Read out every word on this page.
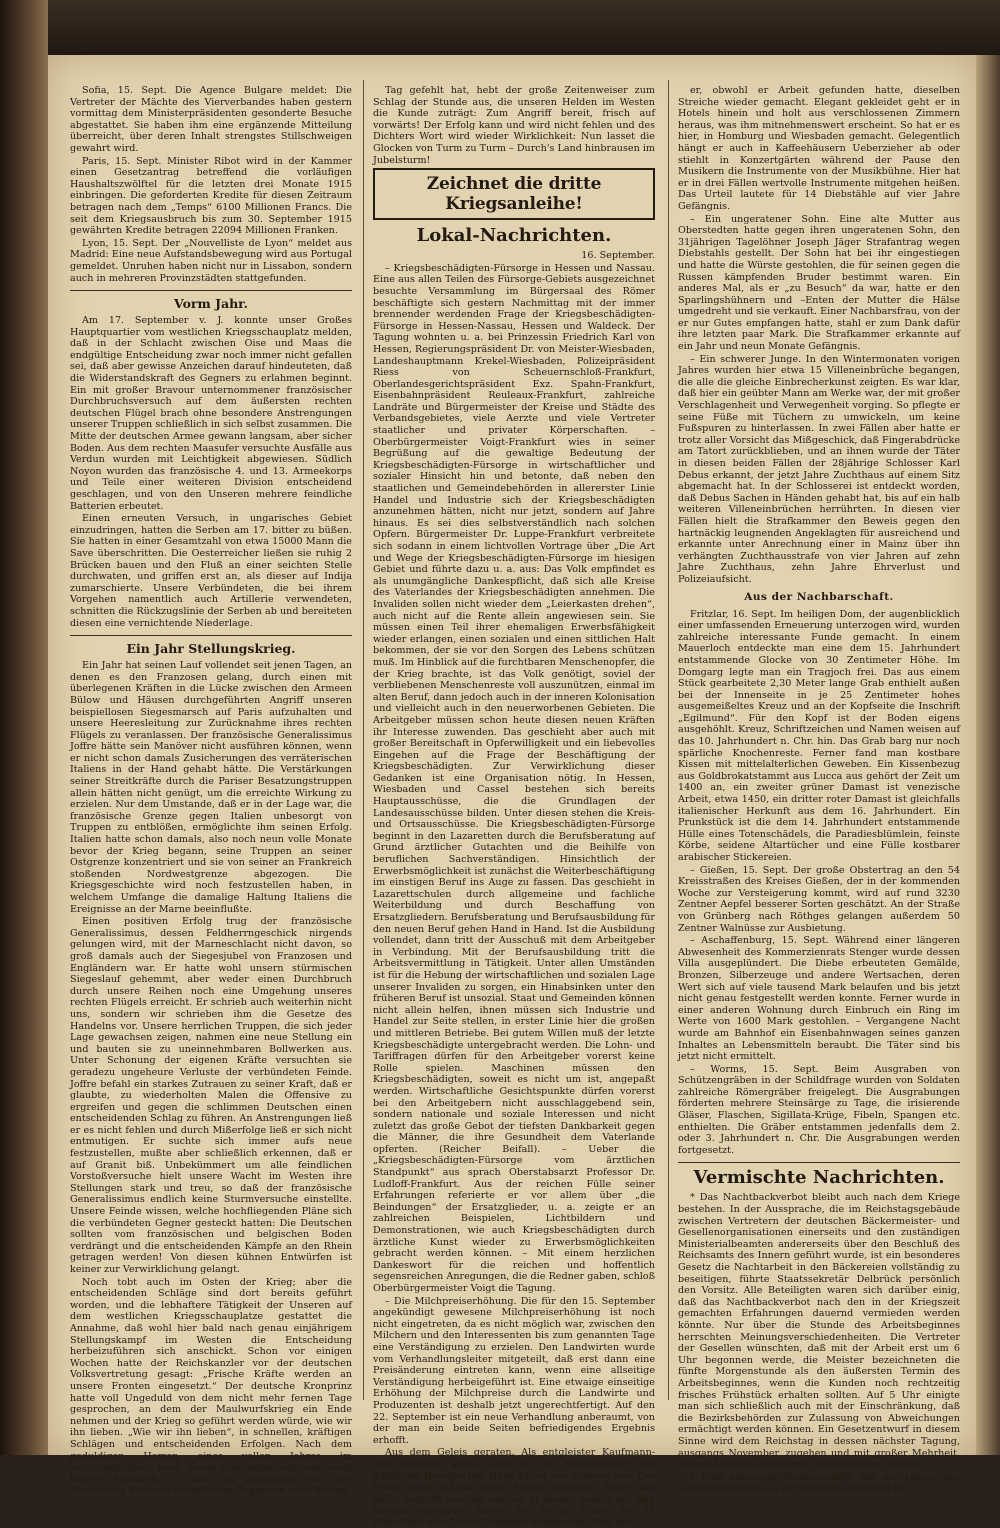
Sofia, 15. Sept. Die Agence Bulgare meldet: Die Vertreter der Mächte des Vierverbandes haben gestern vormittag dem Ministerpräsidenten gesonderte Besuche abgestattet. Sie haben ihm eine ergänzende Mitteilung überreicht, über deren Inhalt strengstes Stillschweigen gewahrt wird.

Paris, 15. Sept. Minister Ribot wird in der Kammer einen Gesetzantrag betreffend die vorläufigen Haushaltszwölftel für die letzten drei Monate 1915 einbringen. Die geforderten Kredite für diesen Zeitraum betragen nach dem „Temps“ 6100 Millionen Francs. Die seit dem Kriegsausbruch bis zum 30. September 1915 gewährten Kredite betragen 22094 Millionen Franken.

Lyon, 15. Sept. Der „Nouvelliste de Lyon“ meldet aus Madrid: Eine neue Aufstandsbewegung wird aus Portugal gemeldet. Unruhen haben nicht nur in Lissabon, sondern auch in mehreren Provinzstädten stattgefunden.

Vorm Jahr.

Am 17. September v. J. konnte unser Großes Hauptquartier vom westlichen Kriegsschauplatz melden, daß in der Schlacht zwischen Oise und Maas die endgültige Entscheidung zwar noch immer nicht gefallen sei, daß aber gewisse Anzeichen darauf hindeuteten, daß die Widerstandskraft des Gegners zu erlahmen beginnt. Ein mit großer Bravour unternommener französischer Durchbruchsversuch auf dem äußersten rechten deutschen Flügel brach ohne besondere Anstrengungen unserer Truppen schließlich in sich selbst zusammen. Die Mitte der deutschen Armee gewann langsam, aber sicher Boden. Aus dem rechten Maasufer versuchte Ausfälle aus Verdun wurden mit Leichtigkeit abgewiesen. Südlich Noyon wurden das französische 4. und 13. Armeekorps und Teile einer weiteren Division entscheidend geschlagen, und von den Unseren mehrere feindliche Batterien erbeutet.

Einen erneuten Versuch, in ungarisches Gebiet einzudringen, hatten die Serben am 17. bitter zu büßen. Sie hatten in einer Gesamtzahl von etwa 15000 Mann die Save überschritten. Die Oesterreicher ließen sie ruhig 2 Brücken bauen und den Fluß an einer seichten Stelle durchwaten, und griffen erst an, als dieser auf Indija zumarschierte. Unsere Verbündeten, die bei ihrem Vorgehen namentlich auch Artillerie verwendeten, schnitten die Rückzugslinie der Serben ab und bereiteten diesen eine vernichtende Niederlage.

Ein Jahr Stellungskrieg.

Ein Jahr hat seinen Lauf vollendet seit jenen Tagen, an denen es den Franzosen gelang, durch einen mit überlegenen Kräften in die Lücke zwischen den Armeen Bülow und Häusen durchgeführten Angriff unseren beispiellosen Siegesmarsch auf Paris aufzuhalten und unsere Heeresleitung zur Zurücknahme ihres rechten Flügels zu veranlassen. Der französische Generalissimus Joffre hätte sein Manöver nicht ausführen können, wenn er nicht schon damals Zusicherungen des verräterischen Italiens in der Hand gehabt hätte. Die Verstärkungen seiner Streitkräfte durch die Pariser Besatzungstruppen allein hätten nicht genügt, um die erreichte Wirkung zu erzielen. Nur dem Umstande, daß er in der Lage war, die französische Grenze gegen Italien unbesorgt von Truppen zu entblößen, ermöglichte ihm seinen Erfolg. Italien hatte schon damals, also noch neun volle Monate bevor der Krieg begann, seine Truppen an seiner Ostgrenze konzentriert und sie von seiner an Frankreich stoßenden Nordwestgrenze abgezogen. Die Kriegsgeschichte wird noch festzustellen haben, in welchem Umfange die damalige Haltung Italiens die Ereignisse an der Marne beeinflußte.

Einen positiven Erfolg trug der französische Generalissimus, dessen Feldherrngeschick nirgends gelungen wird, mit der Marneschlacht nicht davon, so groß damals auch der Siegesjubel von Franzosen und Engländern war. Er hatte wohl unsern stürmischen Siegeslauf gehemmt, aber weder einen Durchbruch durch unsere Reihen noch eine Umgehung unseres rechten Flügels erreicht. Er schrieb auch weiterhin nicht uns, sondern wir schrieben ihm die Gesetze des Handelns vor. Unsere herrlichen Truppen, die sich jeder Lage gewachsen zeigen, nahmen eine neue Stellung ein und bauten sie zu uneinnehmbaren Bollwerken aus. Unter Schonung der eigenen Kräfte versuchten sie geradezu ungeheure Verluste der verbündeten Feinde. Joffre befahl ein starkes Zutrauen zu seiner Kraft, daß er glaubte, zu wiederholten Malen die Offensive zu ergreifen und gegen die schlimmen Deutschen einen entscheidenden Schlag zu führen. An Anstrengungen ließ er es nicht fehlen und durch Mißerfolge ließ er sich nicht entmutigen. Er suchte sich immer aufs neue festzustellen, mußte aber schließlich erkennen, daß er auf Granit biß. Unbekümmert um alle feindlichen Vorstoßversuche hielt unsere Wacht im Westen ihre Stellungen stark und treu, so daß der französische Generalissimus endlich keine Sturmversuche einstellte. Unsere Feinde wissen, welche hochfliegenden Pläne sich die verbündeten Gegner gesteckt hatten: Die Deutschen sollten vom französischen und belgischen Boden verdrängt und die entscheidenden Kämpfe an den Rhein getragen werden! Von diesen kühnen Entwürfen ist keiner zur Verwirklichung gelangt.

Noch tobt auch im Osten der Krieg; aber die entscheidenden Schläge sind dort bereits geführt worden, und die lebhaftere Tätigkeit der Unseren auf dem westlichen Kriegsschauplatze gestattet die Annahme, daß wohl hier bald nach genau einjährigem Stellungskampf im Westen die Entscheidung herbeizuführen sich anschickt. Schon vor einigen Wochen hatte der Reichskanzler vor der deutschen Volksvertretung gesagt: „Frische Kräfte werden an unsere Fronten eingesetzt.“ Der deutsche Kronprinz hatte voll Ungeduld von dem nicht mehr fernen Tage gesprochen, an dem der Maulwurfskrieg ein Ende nehmen und der Krieg so geführt werden würde, wie wir ihn lieben. „Wie wir ihn lieben“, in schnellen, kräftigen Schlägen und entscheidenden Erfolgen. Nach dem geduldigen Harren eines vollen Jahres im Schützengraben, nach einem Stellungskriege von zwölf langen Monaten, in dem an Strapazen und der Bewährung höchster soldatischer Tugenden auch keinen

Tag gefehlt hat, hebt der große Zeitenweiser zum Schlag der Stunde aus, die unseren Helden im Westen die Kunde zuträgt: Zum Angriff bereit, frisch auf vorwärts! Der Erfolg kann und wird nicht fehlen und des Dichters Wort wird wieder Wirklichkeit: Nun lasset die Glocken von Turm zu Turm – Durch's Land hinbrausen im Jubelsturm!

Zeichnet die dritte Kriegsanleihe!
Lokal-Nachrichten.

16. September.

– Kriegsbeschädigten-Fürsorge in Hessen und Nassau. Eine aus allen Teilen des Fürsorge-Gebiets ausgezeichnet besuchte Versammlung im Bürgersaal des Römer beschäftigte sich gestern Nachmittag mit der immer brennender werdenden Frage der Kriegsbeschädigten-Fürsorge in Hessen-Nassau, Hessen und Waldeck. Der Tagung wohnten u. a. bei Prinzessin Friedrich Karl von Hessen, Regierungspräsident Dr. von Meister-Wiesbaden, Landeshauptmann Krekel-Wiesbaden, Polizeipräsident Riess von Scheuernschloß-Frankfurt, Oberlandesgerichtspräsident Exz. Spahn-Frankfurt, Eisenbahnpräsident Reuleaux-Frankfurt, zahlreiche Landräte und Bürgermeister der Kreise und Städte des Verbandsgebietes, viele Aerzte und viele Vertreter staatlicher und privater Körperschaften. – Oberbürgermeister Voigt-Frankfurt wies in seiner Begrüßung auf die gewaltige Bedeutung der Kriegsbeschädigten-Fürsorge in wirtschaftlicher und sozialer Hinsicht hin und betonte, daß neben den staatlichen und Gemeindebehörden in allererster Linie Handel und Industrie sich der Kriegsbeschädigten anzunehmen hätten, nicht nur jetzt, sondern auf Jahre hinaus. Es sei dies selbstverständlich nach solchen Opfern. Bürgermeister Dr. Luppe-Frankfurt verbreitete sich sodann in einem lichtvollen Vortrage über „Die Art und Wege der Kriegsbeschädigten-Fürsorge im hiesigen Gebiet und führte dazu u. a. aus: Das Volk empfindet es als unumgängliche Dankespflicht, daß sich alle Kreise des Vaterlandes der Kriegsbeschädigten annehmen. Die Invaliden sollen nicht wieder dem „Leierkasten drehen“, auch nicht auf die Rente allein angewiesen sein. Sie müssen einen Teil ihrer ehemaligen Erwerbsfähigkeit wieder erlangen, einen sozialen und einen sittlichen Halt bekommen, der sie vor den Sorgen des Lebens schützen muß. Im Hinblick auf die furchtbaren Menschenopfer, die der Krieg brachte, ist das Volk genötigt, soviel der verbliebenen Menschenreste voll auszunützen, einmal im alten Beruf, dann jedoch auch in der inneren Kolonisation und vielleicht auch in den neuerworbenen Gebieten. Die Arbeitgeber müssen schon heute diesen neuen Kräften ihr Interesse zuwenden. Das geschieht aber auch mit großer Bereitschaft in Opferwilligkeit und ein liebevolles Eingehen auf die Frage der Beschäftigung der Kriegsbeschädigten. Zur Verwirklichung dieser Gedanken ist eine Organisation nötig. In Hessen, Wiesbaden und Cassel bestehen sich bereits Hauptausschüsse, die die Grundlagen der Landesausschüsse bilden. Unter diesen stehen die Kreis- und Ortsausschüsse. Die Kriegsbeschädigten-Fürsorge beginnt in den Lazaretten durch die Berufsberatung auf Grund ärztlicher Gutachten und die Beihilfe von beruflichen Sachverständigen. Hinsichtlich der Erwerbsmöglichkeit ist zunächst die Weiterbeschäftigung im einstigen Beruf ins Auge zu fassen. Das geschieht in Lazarettschulen durch allgemeine und fachliche Weiterbildung und durch Beschaffung von Ersatzgliedern. Berufsberatung und Berufsausbildung für den neuen Beruf gehen Hand in Hand. Ist die Ausbildung vollendet, dann tritt der Ausschuß mit dem Arbeitgeber in Verbindung. Mit der Berufsausbildung tritt die Arbeitsvermittlung in Tätigkeit. Unter allen Umständen ist für die Hebung der wirtschaftlichen und sozialen Lage unserer Invaliden zu sorgen, ein Hinabsinken unter den früheren Beruf ist unsozial. Staat und Gemeinden können nicht allein helfen, ihnen müssen sich Industrie und Handel zur Seite stellen, in erster Linie hier die großen und mittleren Betriebe. Bei gutem Willen muß der letzte Kriegsbeschädigte untergebracht werden. Die Lohn- und Tariffragen dürfen für den Arbeitgeber vorerst keine Rolle spielen. Maschinen müssen den Kriegsbeschädigten, soweit es nicht um ist, angepaßt werden. Wirtschaftliche Gesichtspunkte dürfen vorerst bei den Arbeitgebern nicht ausschlaggebend sein, sondern nationale und soziale Interessen und nicht zuletzt das große Gebot der tiefsten Dankbarkeit gegen die Männer, die ihre Gesundheit dem Vaterlande opferten. (Reicher Beifall). – Ueber die „Kriegsbeschädigten-Fürsorge vom ärztlichen Standpunkt“ aus sprach Oberstabsarzt Professor Dr. Ludloff-Frankfurt. Aus der reichen Fülle seiner Erfahrungen referierte er vor allem über „die Beindungen“ der Ersatzglieder, u. a. zeigte er an zahlreichen Beispielen, Lichtbildern und Demonstrationen, wie auch Kriegsbeschädigten durch ärztliche Kunst wieder zu Erwerbsmöglichkeiten gebracht werden können. – Mit einem herzlichen Dankeswort für die reichen und hoffentlich segensreichen Anregungen, die die Redner gaben, schloß Oberbürgermeister Voigt die Tagung.

– Die Milchpreiserhöhung. Die für den 15. September angekündigt gewesene Milchpreiserhöhung ist noch nicht eingetreten, da es nicht möglich war, zwischen den Milchern und den Interessenten bis zum genannten Tage eine Verständigung zu erzielen. Den Landwirten wurde vom Verhandlungsleiter mitgeteilt, daß erst dann eine Preisänderung eintreten kann, wenn eine allseitige Verständigung herbeigeführt ist. Eine etwaige einseitige Erhöhung der Milchpreise durch die Landwirte und Produzenten ist deshalb jetzt ungerechtfertigt. Auf den 22. September ist ein neue Verhandlung anberaumt, von der man ein beide Seiten befriedigendes Ergebnis erhofft.

Aus dem Geleis geraten. Als entgleister Kaufmann- und Sekretär stellte sich an der Strafkammer der 29jährige Hotelportier Hans Engel aus Giessen vor. Der Mann hatte einmal lange Finger gemacht, hatte und dafür bestraft worden war, ist er immer weiter mit ihm bergab gegangen. Zuletzt hat er als Sühne für 24 Diebstähle vier Jahre Gefängnis abgemacht. Nun hat

er, obwohl er Arbeit gefunden hatte, dieselben Streiche wieder gemacht. Elegant gekleidet geht er in Hotels hinein und holt aus verschlossenen Zimmern heraus, was ihm mitnehmenswert erscheint. So hat er es hier, in Homburg und Wiesbaden gemacht. Gelegentlich hängt er auch in Kaffeehäusern Ueberzieher ab oder stiehlt in Konzertgärten während der Pause den Musikern die Instrumente von der Musikbühne. Hier hat er in drei Fällen wertvolle Instrumente mitgehen heißen. Das Urteil lautete für 14 Diebstähle auf vier Jahre Gefängnis.

– Ein ungeratener Sohn. Eine alte Mutter aus Oberstedten hatte gegen ihren ungeratenen Sohn, den 31jährigen Tagelöhner Joseph Jäger Strafantrag wegen Diebstahls gestellt. Der Sohn hat bei ihr eingestiegen und hatte die Würste gestohlen, die für seinen gegen die Russen kämpfenden Bruder bestimmt waren. Ein anderes Mal, als er „zu Besuch“ da war, hatte er den Sparlingshühnern und –Enten der Mutter die Hälse umgedreht und sie verkauft. Einer Nachbarsfrau, von der er nur Gutes empfangen hatte, stahl er zum Dank dafür ihre letzten paar Mark. Die Strafkammer erkannte auf ein Jahr und neun Monate Gefängnis.

– Ein schwerer Junge. In den Wintermonaten vorigen Jahres wurden hier etwa 15 Villeneinbrüche begangen, die alle die gleiche Einbrecherkunst zeigten. Es war klar, daß hier ein geübter Mann am Werke war, der mit großer Verschlagenheit und Verwegenheit vorging. So pflegte er seine Füße mit Tüchern zu umwickeln, um keine Fußspuren zu hinterlassen. In zwei Fällen aber hatte er trotz aller Vorsicht das Mißgeschick, daß Fingerabdrücke am Tatort zurückblieben, und an ihnen wurde der Täter in diesen beiden Fällen der 28jährige Schlosser Karl Debus erkannt, der jetzt Jahre Zuchthaus auf einem Sitz abgemacht hat. In der Schlosserei ist entdeckt worden, daß Debus Sachen in Händen gehabt hat, bis auf ein halb weiteren Villeneinbrüchen herrührten. In diesen vier Fällen hielt die Strafkammer den Beweis gegen den hartnäckig leugnenden Angeklagten für ausreichend und erkannte unter Anrechnung einer in Mainz über ihn verhängten Zuchthausstrafe von vier Jahren auf zehn Jahre Zuchthaus, zehn Jahre Ehrverlust und Polizeiaufsicht.

Aus der Nachbarschaft.

Fritzlar, 16. Sept. Im heiligen Dom, der augenblicklich einer umfassenden Erneuerung unterzogen wird, wurden zahlreiche interessante Funde gemacht. In einem Mauerloch entdeckte man eine dem 15. Jahrhundert entstammende Glocke von 30 Zentimeter Höhe. Im Domgarg legte man ein Tragjoch frei. Das aus einem Stück gearbeitete 2,30 Meter lange Grab enthielt außen bei der Innenseite in je 25 Zentimeter hohes ausgemeißeltes Kreuz und an der Kopfseite die Inschrift „Egilmund“. Für den Kopf ist der Boden eigens ausgehöhlt. Kreuz, Schriftzeichen und Namen weisen auf das 10. Jahrhundert n. Chr. hin. Das Grab barg nur noch spärliche Knochenreste. Ferner fand man kostbare Kissen mit mittelalterlichen Geweben. Ein Kissenbezug aus Goldbrokatstammt aus Lucca aus gehört der Zeit um 1400 an, ein zweiter grüner Damast ist venezische Arbeit, etwa 1450, ein dritter roter Damast ist gleichfalls italienischer Herkunft aus dem 16. Jahrhundert. Ein Prunkstück ist die dem 14. Jahrhundert entstammende Hülle eines Totenschädels, die Paradiesblümlein, feinste Körbe, seidene Altartücher und eine Fülle kostbarer arabischer Stickereien.

– Gießen, 15. Sept. Der große Obstertrag an den 54 Kreisstraßen des Kreises Gießen, der in der kommenden Woche zur Versteigerung kommt, wird auf rund 3230 Zentner Aepfel besserer Sorten geschätzt. An der Straße von Grünberg nach Röthges gelangen außerdem 50 Zentner Walnüsse zur Ausbietung.

– Aschaffenburg, 15. Sept. Während einer längeren Abwesenheit des Kommerzienrats Stenger wurde dessen Villa ausgeplündert. Die Diebe erbeuteten Gemälde, Bronzen, Silberzeuge und andere Wertsachen, deren Wert sich auf viele tausend Mark belaufen und bis jetzt nicht genau festgestellt werden konnte. Ferner wurde in einer anderen Wohnung durch Einbruch ein Ring im Werte von 1600 Mark gestohlen. – Vergangene Nacht wurde am Bahnhof ein Eisenbahnwagen seines ganzen Inhaltes an Lebensmitteln beraubt. Die Täter sind bis jetzt nicht ermittelt.

– Worms, 15. Sept. Beim Ausgraben von Schützengräben in der Schildfrage wurden von Soldaten zahlreiche Römergräber freigelegt. Die Ausgrabungen förderten mehrere Steinsärge zu Tage, die irisierende Gläser, Flaschen, Sigillata-Krüge, Fibeln, Spangen etc. enthielten. Die Gräber entstammen jedenfalls dem 2. oder 3. Jahrhundert n. Chr. Die Ausgrabungen werden fortgesetzt.

Vermischte Nachrichten.

* Das Nachtbackverbot bleibt auch nach dem Kriege bestehen. In der Aussprache, die im Reichstagsgebäude zwischen Vertretern der deutschen Bäckermeister- und Gesellenorganisationen einerseits und den zuständigen Ministerialbeamten andererseits über den Beschluß des Reichsamts des Innern geführt wurde, ist ein besonderes Gesetz die Nachtarbeit in den Bäckereien vollständig zu beseitigen, führte Staatssekretär Delbrück persönlich den Vorsitz. Alle Beteiligten waren sich darüber einig, daß das Nachtbackverbot nach den in der Kriegszeit gemachten Erfahrungen dauernd vermieden werden könnte. Nur über die Stunde des Arbeitsbeginnes herrschten Meinungsverschiedenheiten. Die Vertreter der Gesellen wünschten, daß mit der Arbeit erst um 6 Uhr begonnen werde, die Meister bezeichneten die fünfte Morgenstunde als den äußersten Termin des Arbeitsbeginnes, wenn die Kunden noch rechtzeitig frisches Frühstück erhalten sollten. Auf 5 Uhr einigte man sich schließlich auch mit der Einschränkung, daß die Bezirksbehörden zur Zulassung von Abweichungen ermächtigt werden können. Ein Gesetzentwurf in diesem Sinne wird dem Reichstag in dessen nächster Tagung, ausgangs November, zugehen und mit großer Mehrheit, wahrscheinlich einstimmig, angenommen werden.

* Eine neuartige Blindenschrift, die ein Lehrer der Goldschmiedeschule in Pforzheim erfunden hat,
